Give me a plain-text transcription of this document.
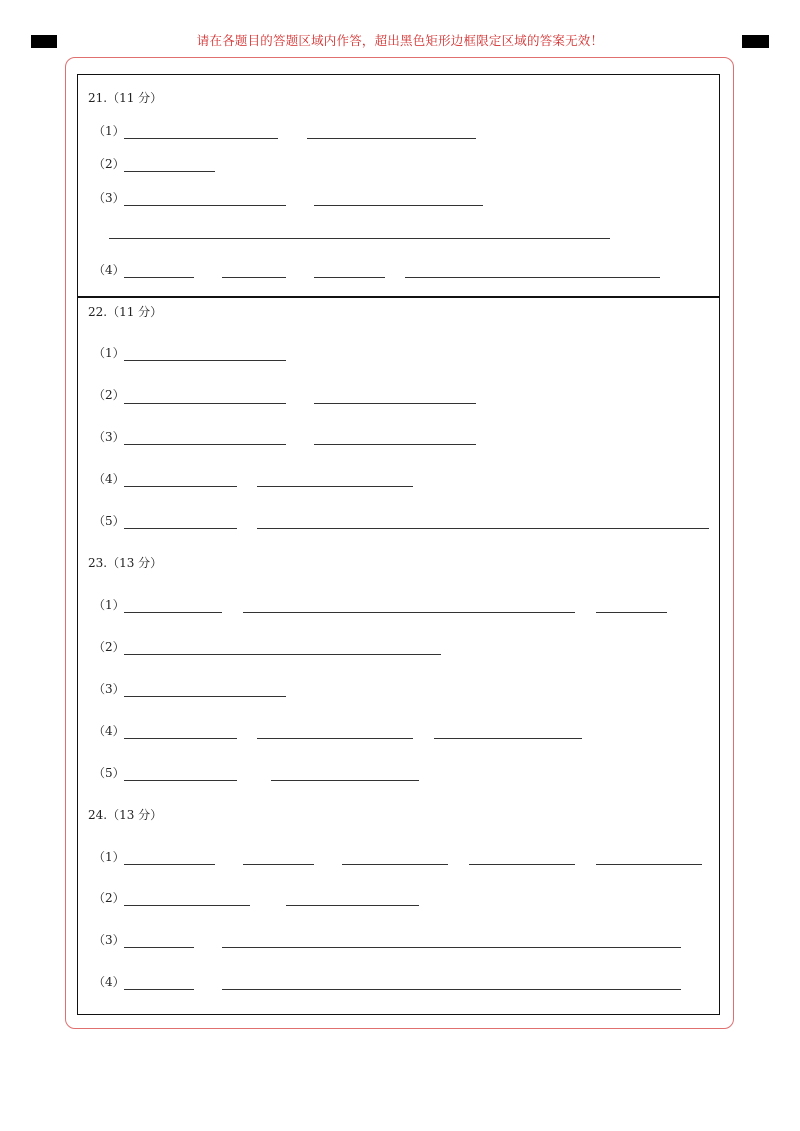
请在各题目的答题区域内作答，超出黑色矩形边框限定区域的答案无效！
21.（11 分）
（1）
（2）
（3）
（4）
22.（11 分）
（1）
（2）
（3）
（4）
（5）
23.（13 分）
（1）
（2）
（3）
（4）
（5）
24.（13 分）
（1）
（2）
（3）
（4）
